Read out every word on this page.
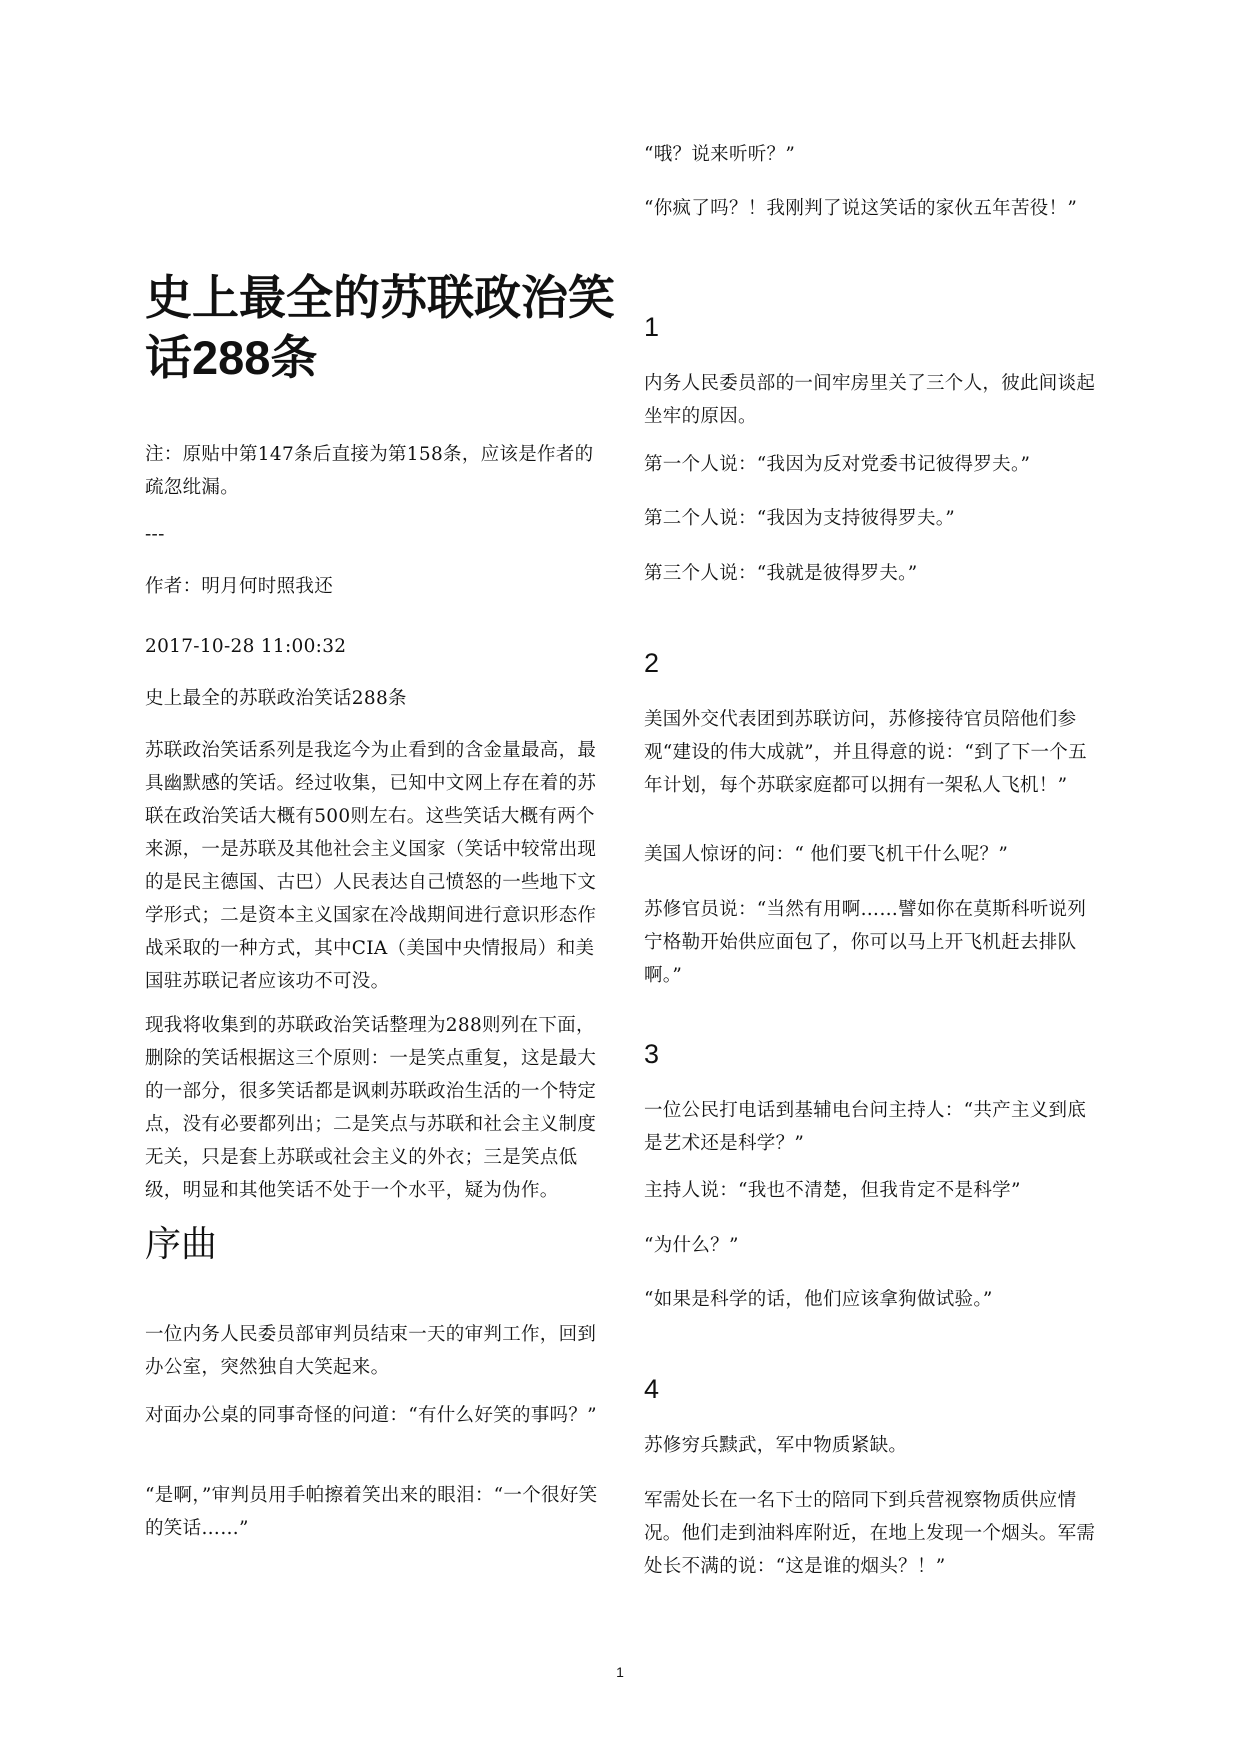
史上最全的苏联政治笑话288条

注：原贴中第147条后直接为第158条，应该是作者的疏忽纰漏。

---

作者：明月何时照我还

2017-10-28 11:00:32

史上最全的苏联政治笑话288条

苏联政治笑话系列是我迄今为止看到的含金量最高，最具幽默感的笑话。经过收集，已知中文网上存在着的苏联在政治笑话大概有500则左右。这些笑话大概有两个来源，一是苏联及其他社会主义国家（笑话中较常出现的是民主德国、古巴）人民表达自己愤怒的一些地下文学形式；二是资本主义国家在冷战期间进行意识形态作战采取的一种方式，其中CIA（美国中央情报局）和美国驻苏联记者应该功不可没。

现我将收集到的苏联政治笑话整理为288则列在下面，删除的笑话根据这三个原则：一是笑点重复，这是最大的一部分，很多笑话都是讽刺苏联政治生活的一个特定点，没有必要都列出；二是笑点与苏联和社会主义制度无关，只是套上苏联或社会主义的外衣；三是笑点低级，明显和其他笑话不处于一个水平，疑为伪作。

序曲

一位内务人民委员部审判员结束一天的审判工作，回到办公室，突然独自大笑起来。

对面办公桌的同事奇怪的问道：“有什么好笑的事吗？”

“是啊，”审判员用手帕擦着笑出来的眼泪：“一个很好笑的笑话……”

“哦？说来听听？”

“你疯了吗？！我刚判了说这笑话的家伙五年苦役！”

1

内务人民委员部的一间牢房里关了三个人，彼此间谈起坐牢的原因。

第一个人说：“我因为反对党委书记彼得罗夫。”

第二个人说：“我因为支持彼得罗夫。”

第三个人说：“我就是彼得罗夫。”

2

美国外交代表团到苏联访问，苏修接待官员陪他们参观“建设的伟大成就”，并且得意的说：“到了下一个五年计划，每个苏联家庭都可以拥有一架私人飞机！”

美国人惊讶的问：“ 他们要飞机干什么呢？”

苏修官员说：“当然有用啊……譬如你在莫斯科听说列宁格勒开始供应面包了，你可以马上开飞机赶去排队啊。”

3

一位公民打电话到基辅电台问主持人：“共产主义到底是艺术还是科学？”

主持人说：“我也不清楚，但我肯定不是科学”

“为什么？”

“如果是科学的话，他们应该拿狗做试验。”

4

苏修穷兵黩武，军中物质紧缺。

军需处长在一名下士的陪同下到兵营视察物质供应情况。他们走到油料库附近，在地上发现一个烟头。军需处长不满的说：“这是谁的烟头？！”

1
